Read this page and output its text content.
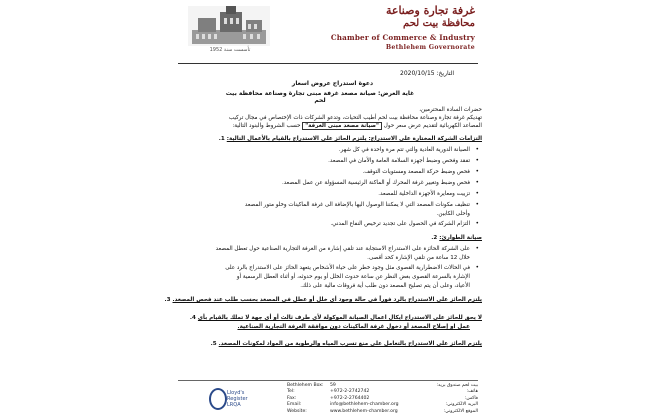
تأسست سنة 1952
غرفة تجارة وصناعة
محافظة بيت لحم
Chamber of Commerce & Industry
Bethlehem Governorate
التاريخ: 2020/10/15
دعوة استدراج عروض اسعار
غاية العرض: صيانة مصعد غرفة مبنى تجارة وصناعة محافظة بيت لحم
حضرات السادة المحترمين،
تهديكم غرفة تجارة وصناعة محافظة بيت لحم أطيب التحيات، وتدعو الشركات ذات الإختصاص في مجال تركيب
المصاعد الكهربائية لتقديم عرض سعر حول "صيانة مصعد مبنى الغرفة" حسب الشروط والبنود التالية:
التزامات الشركة المختارة على الاستدراج: يلتزم الحائز على الاستدراج بالقيام بالأعمال التالية: 1.
الصيانة الدورية العادية والتي تتم مرة واحدة في كل شهر. •
تفقد وفحص وضبط أجهزة السلامة العامة والأمان في المصعد. •
فحص وضبط حركة المصعد ومستويات التوقف. •
فحص وضبط وتغيير غرفة المحرك أو الماكنة الرئيسية المسؤولة عن عمل المصعد. •
تزييت ومعايرة الأجهزة الداخلية للمصعد. •
تنظيف مكونات المصعد التي لا يمكننا الوصول اليها بالإضافة الى غرفة الماكينات وخلو متور المصعد •
وأحلى الكابين.
التزام الشركة في الحصول على تجديد ترخيص النفاع المدني. •
صيانة الطوارئ: 2.
على الشركة الحائزة على الاستدراج الاستجابة عند تلقي إشارة من الغرفة التجارية الصناعية حول تعطل المصعد •
خلال 12 ساعة من تلقي الإشارة كحد أقصى.
في الحالات الاضطرارية القصوى مثل وجود خطر على حياة الأشخاص يتعهد الحائز على الاستدراج بالرد على •
الإشارة بالسرعة القصوى بغض النظر عن ساعة حدوث الخلل أو يوم حدوثه، أو أثناء العطل الرسمية أو
الأعياد، وعلى أن يتم تصليح المصعد دون طلب أية فروقات مالية على ذلك.
يلتزم الحائز على الاستدراج بالرد فوراً في حالة وجود أي خلل أو عطل في المصعد بحسب طلب عند فحص المصعد. 3.
لا يحق للحائز على الاستدراج ايكال اعمال الصيانة الموكولة لأي طرف ثالث أو أي جهة لا تملك بالقيام بأي 4.
عمل او إصلاح المصعد أو دخول غرفة الماكينات دون موافقة الغرفة التجارية الصناعية.
يلتزم الحائز على الاستدراج بالتعامل على منع تسرب المياه والرطوبة من المواد لمكونات المصعد. 5.
Lloyd's Register
LRQA
Bethlehem Box:
Tel:
Fax:
Email:
Website:
59
+972-2-2742742
+972-2-2764402
info@bethlehem-chamber.org
www.bethlehem-chamber.org
بيت لحم صندوق بريد:
هاتف:
فاكس:
البريد الالكتروني:
الموقع الالكتروني:
